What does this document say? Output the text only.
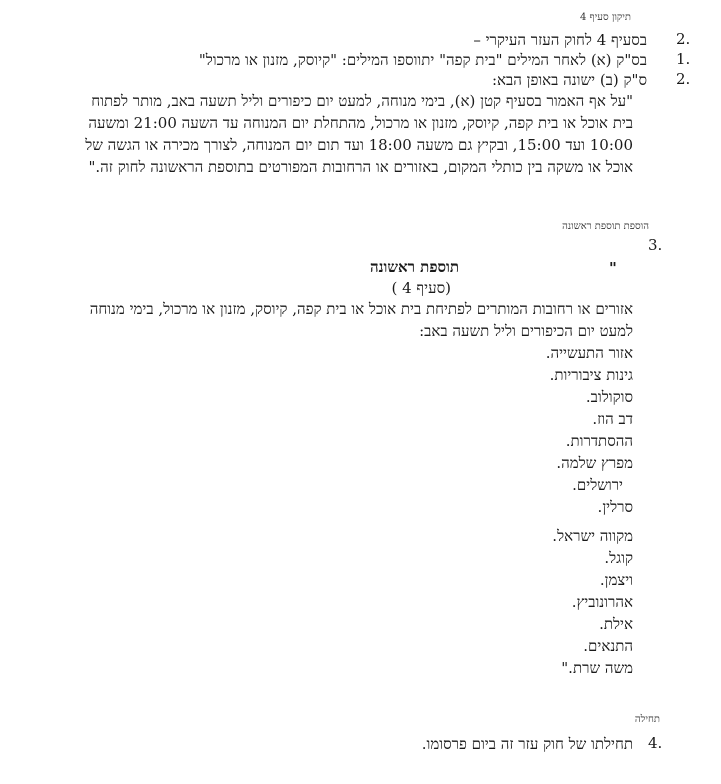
תיקון סעיף 4
2.
בסעיף 4 לחוק העזר העיקרי –
1.
בס"ק (א) לאחר המילים "בית קפה" יתווספו המילים: "קיוסק, מזנון או מרכול"
2.
ס"ק (ב) ישונה באופן הבא:
"על אף האמור בסעיף קטן (א), בימי מנוחה, למעט יום כיפורים וליל תשעה באב, מותר לפתוח
בית אוכל או בית קפה, קיוסק, מזנון או מרכול, מהתחלת יום המנוחה עד השעה 21:00 ומשעה
10:00 ועד 15:00, ובקיץ גם משעה 18:00 ועד תום יום המנוחה, לצורך מכירה או הגשה של
אוכל או משקה בין כותלי המקום, באזורים או הרחובות המפורטים בתוספת הראשונה לחוק זה."
הוספת תוספת ראשונה
3.
"
תוספת ראשונה
(סעיף 4 )
אזורים או רחובות המותרים לפתיחת בית אוכל או בית קפה, קיוסק, מזנון או מרכול, בימי מנוחה
למעט יום הכיפורים וליל תשעה באב:
אזור התעשייה.
גינות ציבוריות.
סוקולוב.
דב הוז.
ההסתדרות.
מפרץ שלמה.
ירושלים.
סרלין.
מקווה ישראל.
קוגל.
ויצמן.
אהרונוביץ.
אילת.
התנאים.
משה שרת."
תחילה
4.
תחילתו של חוק עזר זה ביום פרסומו.
